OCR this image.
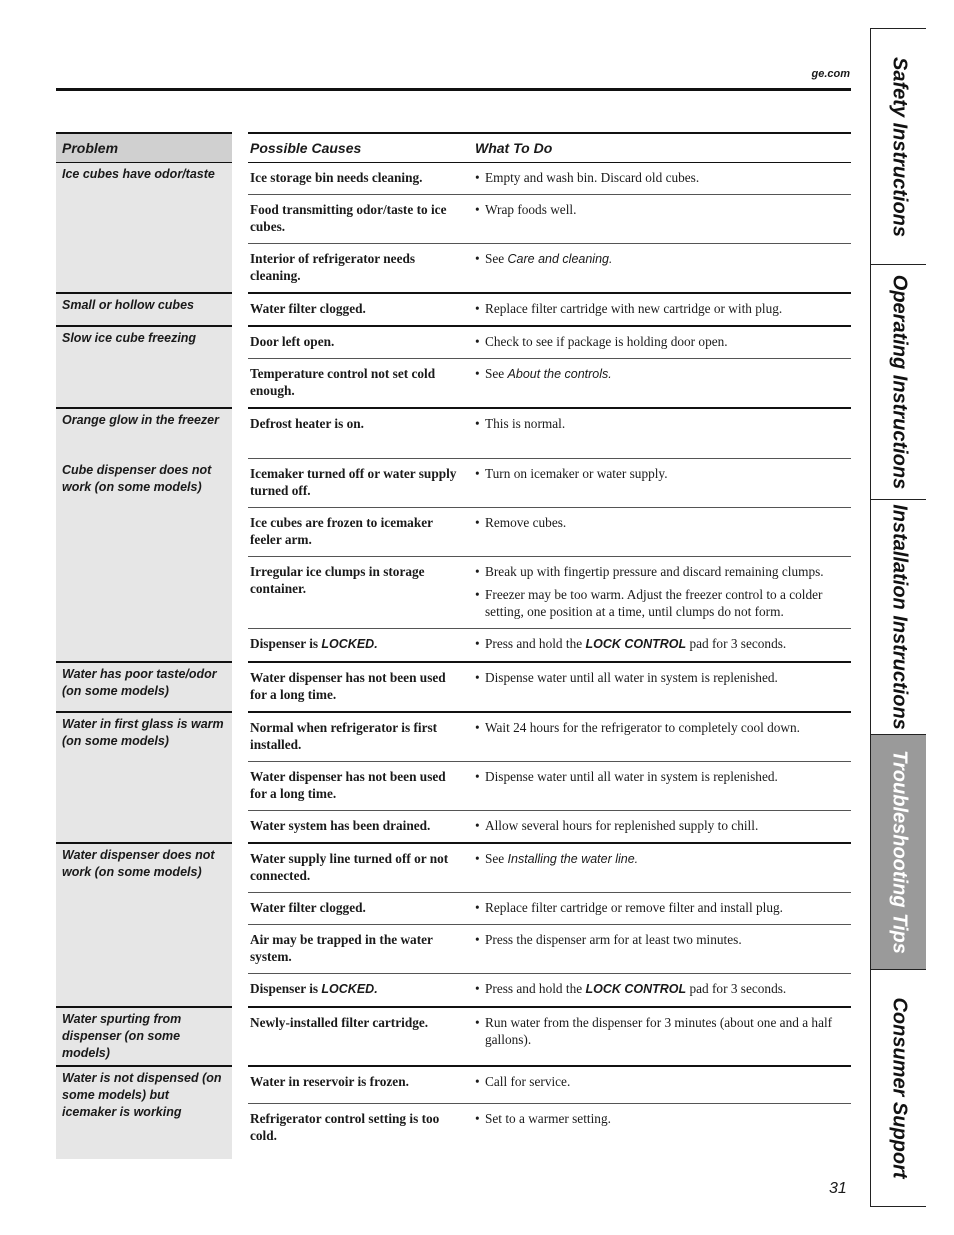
ge.com
Problem	Possible Causes	What To Do
Ice cubes have odor/taste	Ice storage bin needs cleaning.	• Empty and wash bin. Discard old cubes.

	Food transmitting odor/taste to ice cubes.	• Wrap foods well.

	Interior of refrigerator needs cleaning.	• See Care and cleaning.

Small or hollow cubes	Water filter clogged.	• Replace filter cartridge with new cartridge or with plug.

Slow ice cube freezing	Door left open.	• Check to see if package is holding door open.

	Temperature control not set cold enough.	• See About the controls.

Orange glow in the freezer	Defrost heater is on.	• This is normal.

Cube dispenser does not work (on some models)	Icemaker turned off or water supply turned off.	• Turn on icemaker or water supply.

	Ice cubes are frozen to icemaker feeler arm.	• Remove cubes.

	Irregular ice clumps in storage container.	• Break up with fingertip pressure and discard remaining clumps.
• Freezer may be too warm. Adjust the freezer control to a colder setting, one position at a time, until clumps do not form.

	Dispenser is LOCKED.	• Press and hold the LOCK CONTROL pad for 3 seconds.

Water has poor taste/odor (on some models)	Water dispenser has not been used for a long time.	• Dispense water until all water in system is replenished.

Water in first glass is warm (on some models)	Normal when refrigerator is first installed.	• Wait 24 hours for the refrigerator to completely cool down.

	Water dispenser has not been used for a long time.	• Dispense water until all water in system is replenished.

	Water system has been drained.	• Allow several hours for replenished supply to chill.

Water dispenser does not work (on some models)	Water supply line turned off or not connected.	• See Installing the water line.

	Water filter clogged.	• Replace filter cartridge or remove filter and install plug.

	Air may be trapped in the water system.	• Press the dispenser arm for at least two minutes.

	Dispenser is LOCKED.	• Press and hold the LOCK CONTROL pad for 3 seconds.

Water spurting from dispenser (on some models)	Newly-installed filter cartridge.	• Run water from the dispenser for 3 minutes (about one and a half gallons).

Water is not dispensed (on some models) but icemaker is working	Water in reservoir is frozen.	• Call for service.

	Refrigerator control setting is too cold.	• Set to a warmer setting.
Safety Instructions
Operating Instructions
Installation Instructions
Troubleshooting Tips
Consumer Support
31
